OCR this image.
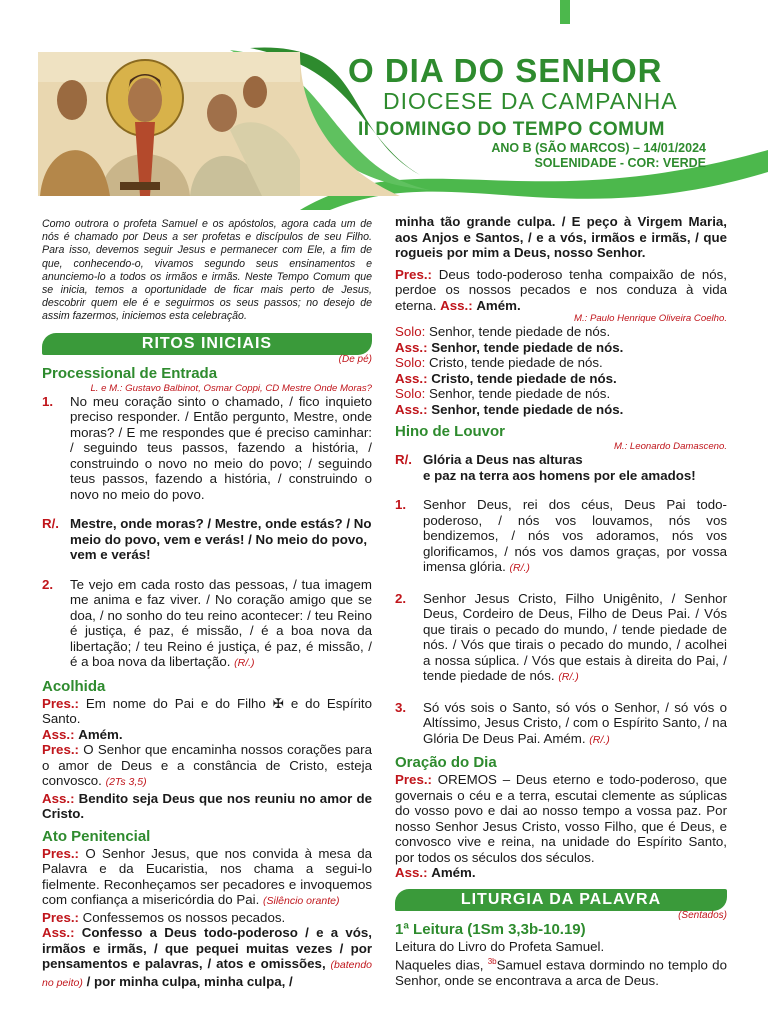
O DIA DO SENHOR
DIOCESE DA CAMPANHA
II DOMINGO DO TEMPO COMUM
ANO B (SÃO MARCOS) – 14/01/2024
SOLENIDADE - COR: VERDE

Como outrora o profeta Samuel e os apóstolos, agora cada um de nós é chamado por Deus a ser profetas e discípulos de seu Filho. Para isso, devemos seguir Jesus e permanecer com Ele, a fim de que, conhecendo-o, vivamos segundo seus ensinamentos e anunciemo-lo a todos os irmãos e irmãs. Neste Tempo Comum que se inicia, temos a oportunidade de ficar mais perto de Jesus, descobrir quem ele é e seguirmos os seus passos; no desejo de assim fazermos, iniciemos esta celebração.

RITOS INICIAIS
(De pé)
Processional de Entrada
L. e M.: Gustavo Balbinot, Osmar Coppi, CD Mestre Onde Moras?
1.	No meu coração sinto o chamado, / fico inquieto preciso responder. / Então pergunto, Mestre, onde moras? / E me respondes que é preciso caminhar: / seguindo teus passos, fazendo a história, / construindo o novo no meio do povo; / seguindo teus passos, fazendo a história, / construindo o novo no meio do povo.
R/. Mestre, onde moras? / Mestre, onde estás? / No meio do povo, vem e verás! / No meio do povo, vem e verás!
2.	Te vejo em cada rosto das pessoas, / tua imagem me anima e faz viver. / No coração amigo que se doa, / no sonho do teu reino acontecer: / teu Reino é justiça, é paz, é missão, / é a boa nova da libertação; / teu Reino é justiça, é paz, é missão, / é a boa nova da libertação. (R/.)
Acolhida

Pres.: Em nome do Pai e do Filho ✠ e do Espírito Santo.

Ass.: Amém.

Pres.: O Senhor que encaminha nossos corações para o amor de Deus e a constância de Cristo, esteja convosco. (2Ts 3,5)

Ass.: Bendito seja Deus que nos reuniu no amor de Cristo.

Ato Penitencial

Pres.: O Senhor Jesus, que nos convida à mesa da Palavra e da Eucaristia, nos chama a segui-lo fielmente. Reconheçamos ser pecadores e invoquemos com confiança a misericórdia do Pai. (Silêncio orante)

Pres.: Confessemos os nossos pecados.

Ass.: Confesso a Deus todo-poderoso / e a vós, irmãos e irmãs, / que pequei muitas vezes / por pensamentos e palavras, / atos e omissões, (batendo no peito) / por minha culpa, minha culpa, /

minha tão grande culpa. / E peço à Virgem Maria, aos Anjos e Santos, / e a vós, irmãos e irmãs, / que rogueis por mim a Deus, nosso Senhor.

Pres.: Deus todo-poderoso tenha compaixão de nós, perdoe os nossos pecados e nos conduza à vida eterna. Ass.: Amém.

M.: Paulo Henrique Oliveira Coelho.

Solo: Senhor, tende piedade de nós.

Ass.: Senhor, tende piedade de nós.

Solo: Cristo, tende piedade de nós.

Ass.: Cristo, tende piedade de nós.

Solo: Senhor, tende piedade de nós.

Ass.: Senhor, tende piedade de nós.

Hino de Louvor
M.: Leonardo Damasceno.
R/. Glória a Deus nas alturas
e paz na terra aos homens por ele amados!
1.	Senhor Deus, rei dos céus, Deus Pai todo-poderoso, / nós vos louvamos, nós vos bendizemos, / nós vos adoramos, nós vos glorificamos, / nós vos damos graças, por vossa imensa glória. (R/.)
2.	Senhor Jesus Cristo, Filho Unigênito, / Senhor Deus, Cordeiro de Deus, Filho de Deus Pai. / Vós que tirais o pecado do mundo, / tende piedade de nós. / Vós que tirais o pecado do mundo, / acolhei a nossa súplica. / Vós que estais à direita do Pai, / tende piedade de nós. (R/.)
3.	Só vós sois o Santo, só vós o Senhor, / só vós o Altíssimo, Jesus Cristo, / com o Espírito Santo, / na Glória De Deus Pai. Amém. (R/.)
Oração do Dia

Pres.: OREMOS – Deus eterno e todo-poderoso, que governais o céu e a terra, escutai clemente as súplicas do vosso povo e dai ao nosso tempo a vossa paz. Por nosso Senhor Jesus Cristo, vosso Filho, que é Deus, e convosco vive e reina, na unidade do Espírito Santo, por todos os séculos dos séculos.

Ass.: Amém.

LITURGIA DA PALAVRA
(Sentados)
1ª Leitura (1Sm 3,3b-10.19)

Leitura do Livro do Profeta Samuel.

Naqueles dias, $^{3b}$Samuel estava dormindo no templo do Senhor, onde se encontrava a arca de Deus.
